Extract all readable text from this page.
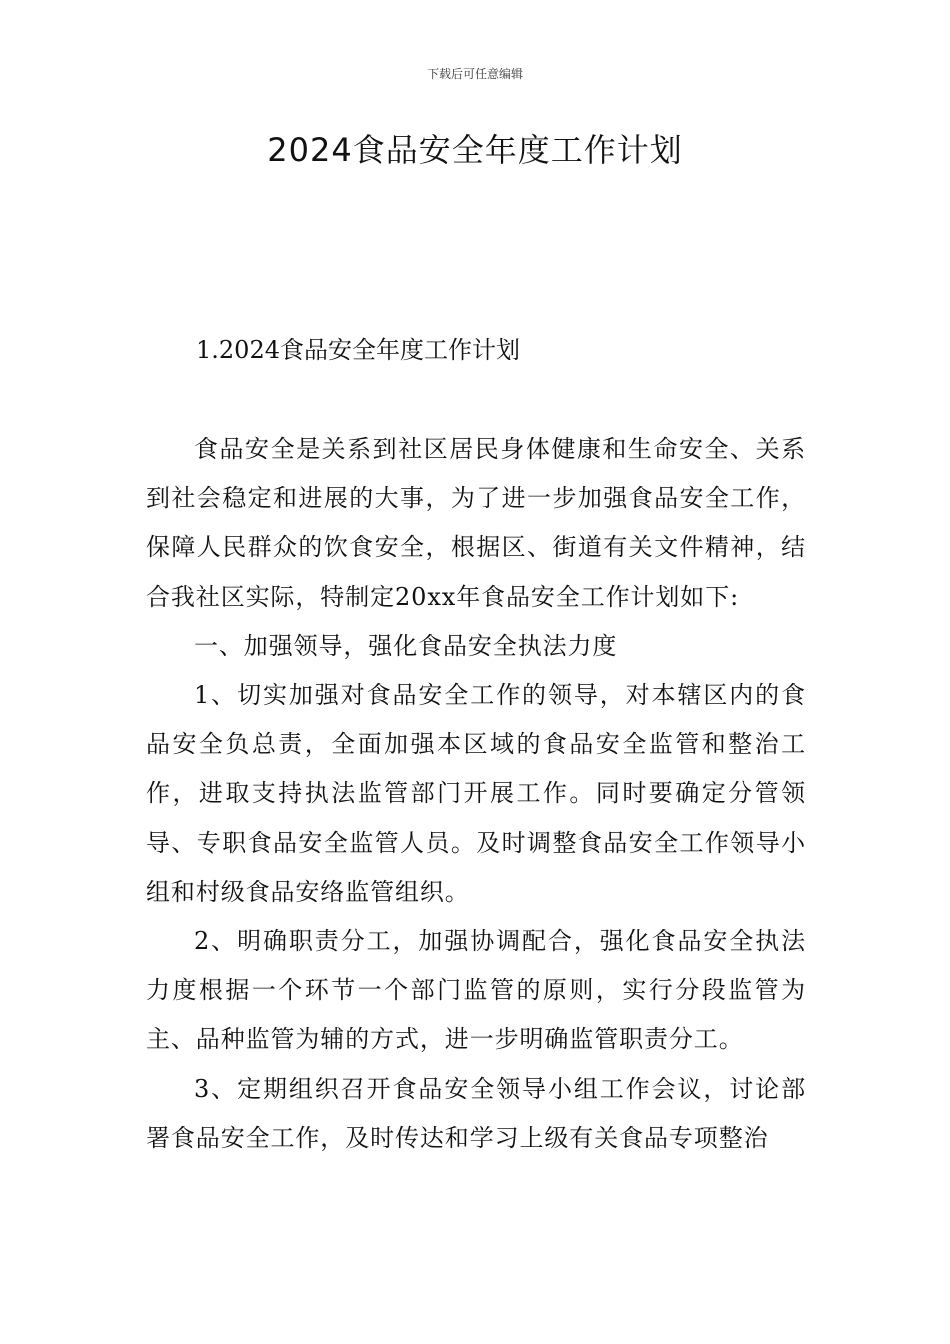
下载后可任意编辑
2024食品安全年度工作计划
1.2024食品安全年度工作计划

食品安全是关系到社区居民身体健康和生命安全、关系到社会稳定和进展的大事，为了进一步加强食品安全工作，保障人民群众的饮食安全，根据区、街道有关文件精神，结合我社区实际，特制定20xx年食品安全工作计划如下:

一、加强领导，强化食品安全执法力度

1、切实加强对食品安全工作的领导，对本辖区内的食品安全负总责，全面加强本区域的食品安全监管和整治工作，进取支持执法监管部门开展工作。同时要确定分管领导、专职食品安全监管人员。及时调整食品安全工作领导小组和村级食品安络监管组织。

2、明确职责分工，加强协调配合，强化食品安全执法力度根据一个环节一个部门监管的原则，实行分段监管为主、品种监管为辅的方式，进一步明确监管职责分工。

3、定期组织召开食品安全领导小组工作会议，讨论部署食品安全工作，及时传达和学习上级有关食品专项整治
